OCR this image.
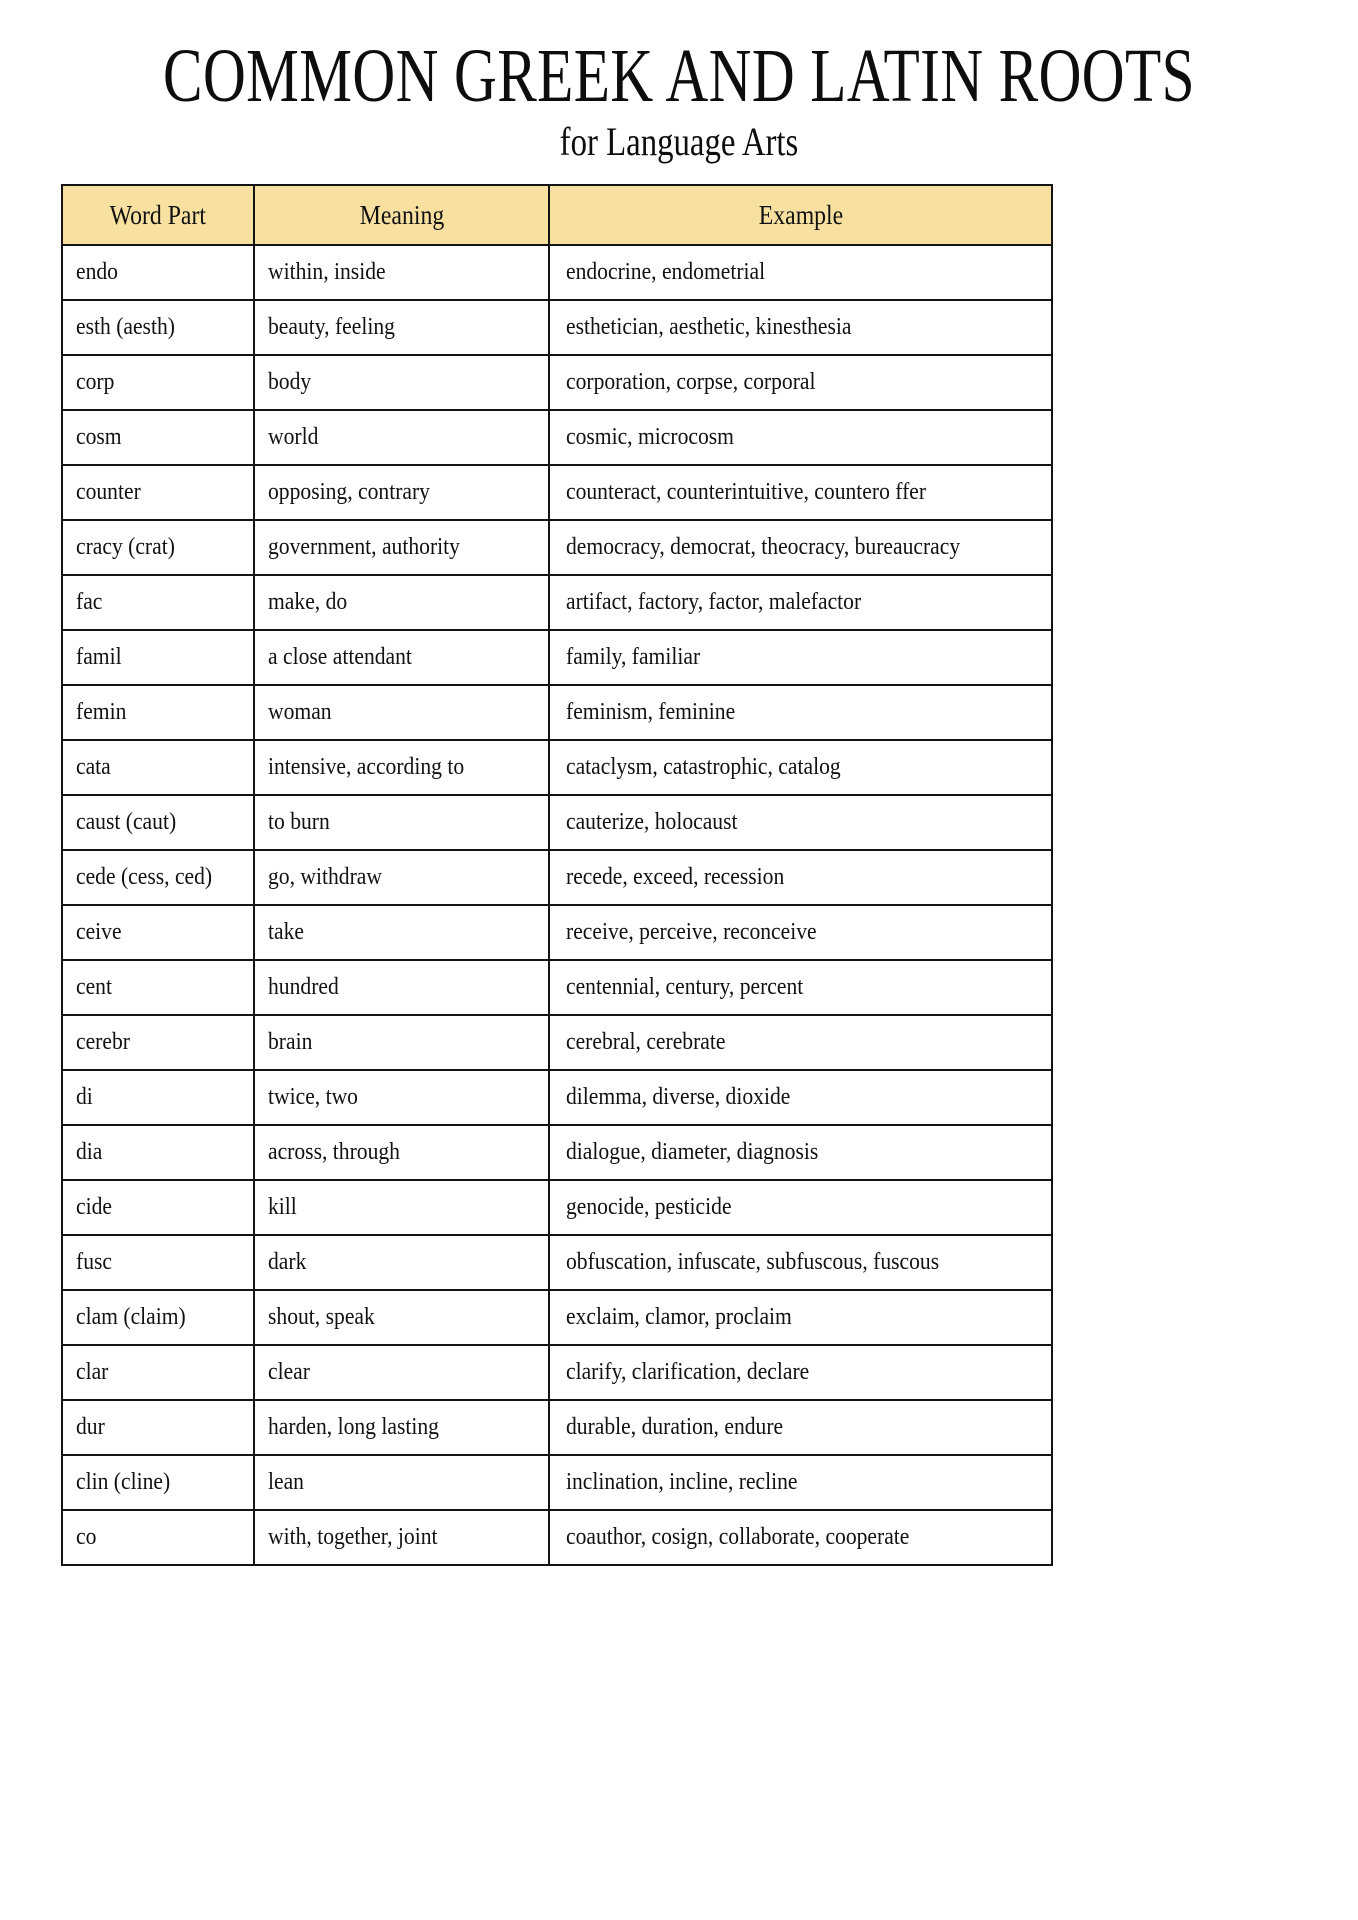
COMMON GREEK AND LATIN ROOTS
for Language Arts
Word Part	Meaning	Example
endo	within, inside	endocrine, endometrial
esth (aesth)	beauty, feeling	esthetician, aesthetic, kinesthesia
corp	body	corporation, corpse, corporal
cosm	world	cosmic, microcosm
counter	opposing, contrary	counteract, counterintuitive, countero ffer
cracy (crat)	government, authority	democracy, democrat, theocracy, bureaucracy
fac	make, do	artifact, factory, factor, malefactor
famil	a close attendant	family, familiar
femin	woman	feminism, feminine
cata	intensive, according to	cataclysm, catastrophic, catalog
caust (caut)	to burn	cauterize, holocaust
cede (cess, ced)	go, withdraw	recede, exceed, recession
ceive	take	receive, perceive, reconceive
cent	hundred	centennial, century, percent
cerebr	brain	cerebral, cerebrate
di	twice, two	dilemma, diverse, dioxide
dia	across, through	dialogue, diameter, diagnosis
cide	kill	genocide, pesticide
fusc	dark	obfuscation, infuscate, subfuscous, fuscous
clam (claim)	shout, speak	exclaim, clamor, proclaim
clar	clear	clarify, clarification, declare
dur	harden, long lasting	durable, duration, endure
clin (cline)	lean	inclination, incline, recline
co	with, together, joint	coauthor, cosign, collaborate, cooperate
